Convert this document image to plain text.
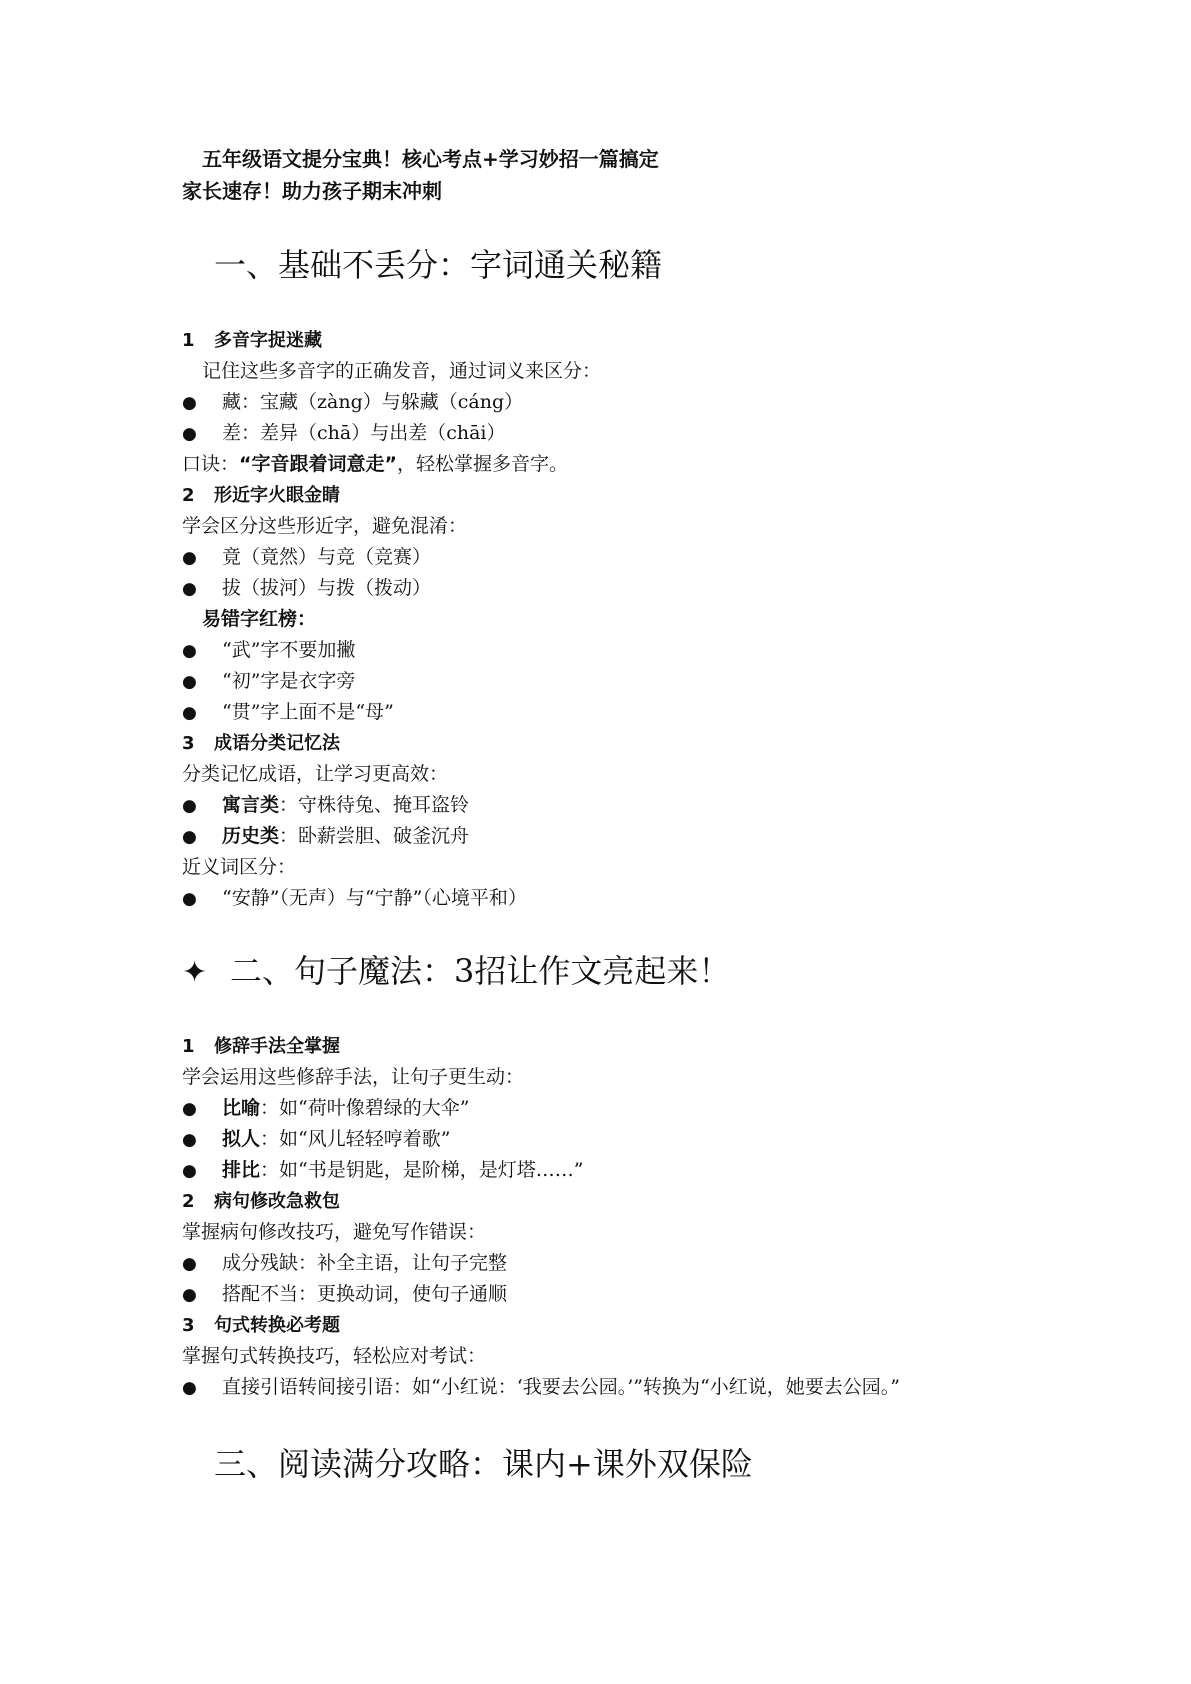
五年级语文提分宝典！核心考点+学习妙招一篇搞定
家长速存！助力孩子期末冲刺
一、基础不丢分：字词通关秘籍
1 多音字捉迷藏
记住这些多音字的正确发音，通过词义来区分：
● 藏：宝藏（zàng）与躲藏（cáng）
● 差：差异（chā）与出差（chāi）
口诀：“字音跟着词意走”，轻松掌握多音字。
2 形近字火眼金睛
学会区分这些形近字，避免混淆：
● 竟（竟然）与竞（竞赛）
● 拔（拔河）与拨（拨动）
易错字红榜：
● “武”字不要加撇
● “初”字是衣字旁
● “贯”字上面不是“母”
3 成语分类记忆法
分类记忆成语，让学习更高效：
● 寓言类：守株待兔、掩耳盗铃
● 历史类：卧薪尝胆、破釜沉舟
近义词区分：
● “安静”（无声）与“宁静”（心境平和）
✦ 二、句子魔法：3招让作文亮起来！
1 修辞手法全掌握
学会运用这些修辞手法，让句子更生动：
● 比喻：如“荷叶像碧绿的大伞”
● 拟人：如“风儿轻轻哼着歌”
● 排比：如“书是钥匙，是阶梯，是灯塔……”
2 病句修改急救包
掌握病句修改技巧，避免写作错误：
● 成分残缺：补全主语，让句子完整
● 搭配不当：更换动词，使句子通顺
3 句式转换必考题
掌握句式转换技巧，轻松应对考试：
● 直接引语转间接引语：如“小红说：‘我要去公园。’”转换为“小红说，她要去公园。”
三、阅读满分攻略：课内+课外双保险
